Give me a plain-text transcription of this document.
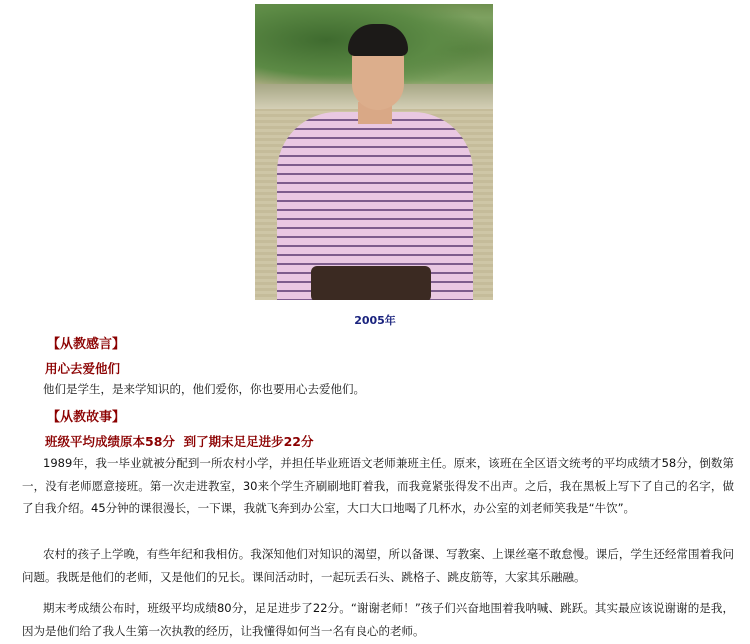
2005年
【从教感言】
用心去爱他们
他们是学生，是来学知识的，他们爱你，你也要用心去爱他们。
【从教故事】
班级平均成绩原本58分  到了期末足足进步22分
1989年，我一毕业就被分配到一所农村小学，并担任毕业班语文老师兼班主任。原来，该班在全区语文统考的平均成绩才58分，倒数第一，没有老师愿意接班。第一次走进教室，30来个学生齐刷刷地盯着我，而我竟紧张得发不出声。之后，我在黑板上写下了自己的名字，做了自我介绍。45分钟的课很漫长，一下课，我就飞奔到办公室，大口大口地喝了几杯水，办公室的刘老师笑我是“牛饮”。
农村的孩子上学晚，有些年纪和我相仿。我深知他们对知识的渴望，所以备课、写教案、上课丝毫不敢怠慢。课后，学生还经常围着我问问题。我既是他们的老师，又是他们的兄长。课间活动时，一起玩丢石头、跳格子、跳皮筋等，大家其乐融融。
期末考成绩公布时，班级平均成绩80分，足足进步了22分。“谢谢老师！”孩子们兴奋地围着我呐喊、跳跃。其实最应该说谢谢的是我，因为是他们给了我人生第一次执教的经历，让我懂得如何当一名有良心的老师。
